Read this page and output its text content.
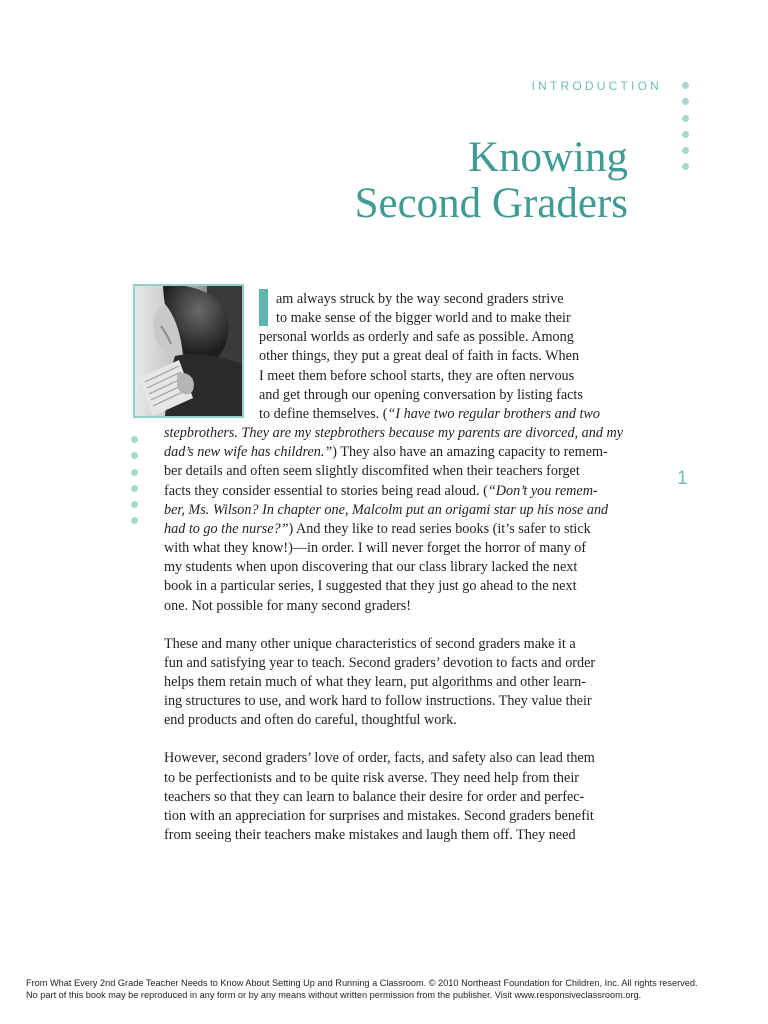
INTRODUCTION
Knowing
Second Graders
1

am always struck by the way second graders strive
to make sense of the bigger world and to make their
personal worlds as orderly and safe as possible. Among
other things, they put a great deal of faith in facts. When
I meet them before school starts, they are often nervous
and get through our opening conversation by listing facts
to define themselves. (“I have two regular brothers and two
stepbrothers. They are my stepbrothers because my parents are divorced, and my
dad’s new wife has children.”) They also have an amazing capacity to remem-
ber details and often seem slightly discomfited when their teachers forget
facts they consider essential to stories being read aloud. (“Don’t you remem-
ber, Ms. Wilson? In chapter one, Malcolm put an origami star up his nose and
had to go the nurse?”) And they like to read series books (it’s safer to stick
with what they know!)—in order. I will never forget the horror of many of
my students when upon discovering that our class library lacked the next
book in a particular series, I suggested that they just go ahead to the next
one. Not possible for many second graders!

These and many other unique characteristics of second graders make it a
fun and satisfying year to teach. Second graders’ devotion to facts and order
helps them retain much of what they learn, put algorithms and other learn-
ing structures to use, and work hard to follow instructions. They value their
end products and often do careful, thoughtful work.

However, second graders’ love of order, facts, and safety also can lead them
to be perfectionists and to be quite risk averse. They need help from their
teachers so that they can learn to balance their desire for order and perfec-
tion with an appreciation for surprises and mistakes. Second graders benefit
from seeing their teachers make mistakes and laugh them off. They need

From What Every 2nd Grade Teacher Needs to Know About Setting Up and Running a Classroom. © 2010 Northeast Foundation for Children, Inc. All rights reserved.
No part of this book may be reproduced in any form or by any means without written permission from the publisher. Visit www.responsiveclassroom.org.
